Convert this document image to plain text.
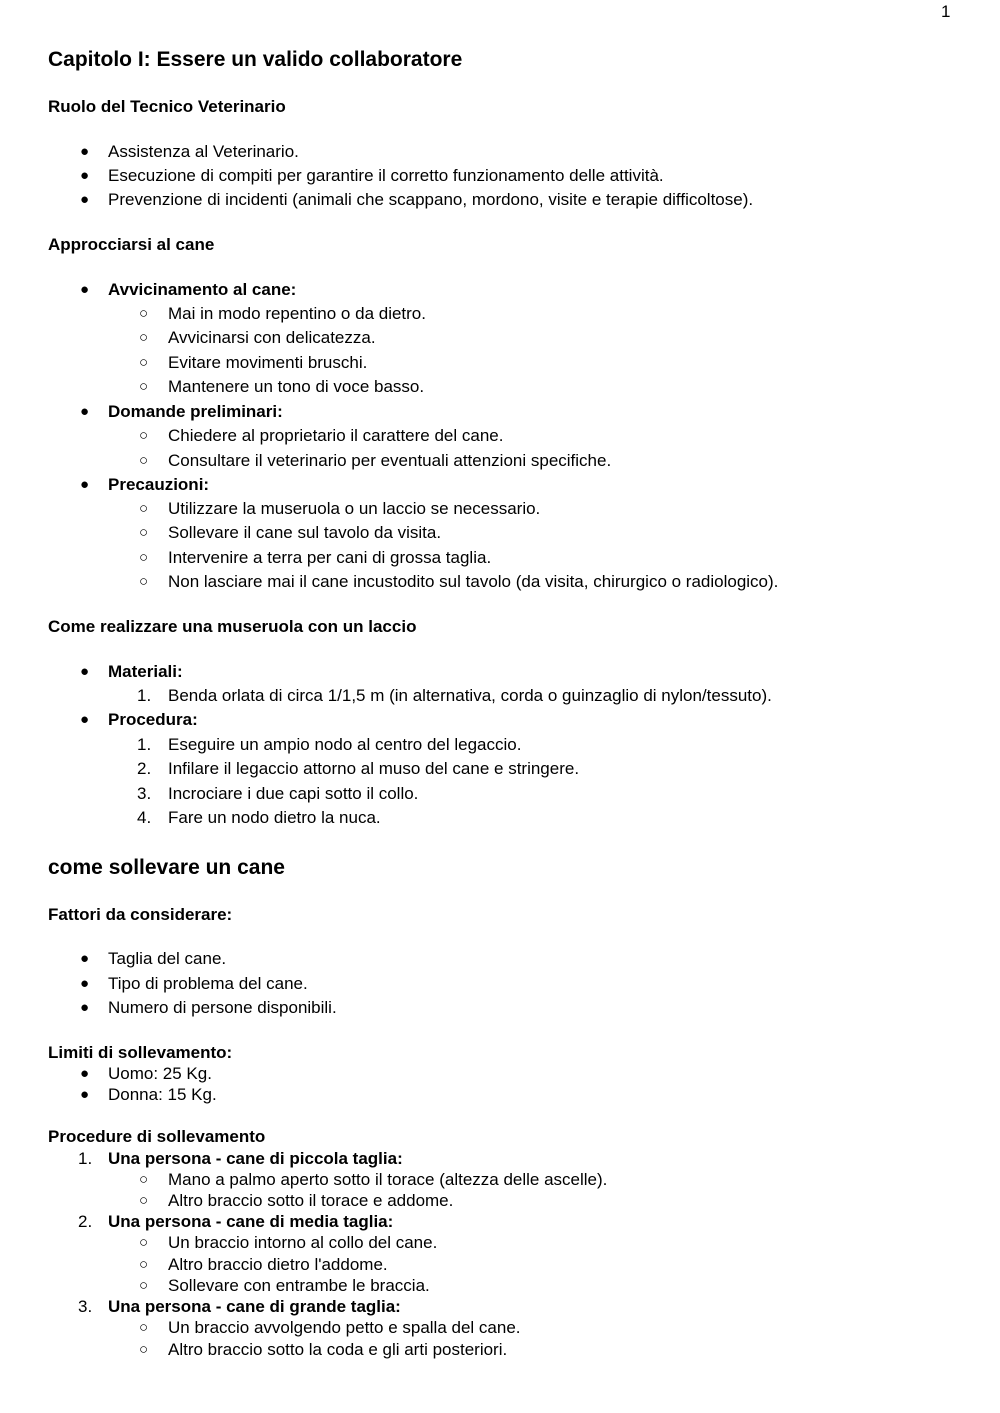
1
Capitolo I: Essere un valido collaboratore
Ruolo del Tecnico Veterinario
● Assistenza al Veterinario.
● Esecuzione di compiti per garantire il corretto funzionamento delle attività.
● Prevenzione di incidenti (animali che scappano, mordono, visite e terapie difficoltose).
Approcciarsi al cane
● Avvicinamento al cane:
○ Mai in modo repentino o da dietro.
○ Avvicinarsi con delicatezza.
○ Evitare movimenti bruschi.
○ Mantenere un tono di voce basso.
● Domande preliminari:
○ Chiedere al proprietario il carattere del cane.
○ Consultare il veterinario per eventuali attenzioni specifiche.
● Precauzioni:
○ Utilizzare la museruola o un laccio se necessario.
○ Sollevare il cane sul tavolo da visita.
○ Intervenire a terra per cani di grossa taglia.
○ Non lasciare mai il cane incustodito sul tavolo (da visita, chirurgico o radiologico).
Come realizzare una museruola con un laccio
● Materiali:
1. Benda orlata di circa 1/1,5 m (in alternativa, corda o guinzaglio di nylon/tessuto).
● Procedura:
1. Eseguire un ampio nodo al centro del legaccio.
2. Infilare il legaccio attorno al muso del cane e stringere.
3. Incrociare i due capi sotto il collo.
4. Fare un nodo dietro la nuca.
come sollevare un cane
Fattori da considerare:
● Taglia del cane.
● Tipo di problema del cane.
● Numero di persone disponibili.
Limiti di sollevamento:
● Uomo: 25 Kg.
● Donna: 15 Kg.
Procedure di sollevamento
1. Una persona - cane di piccola taglia:
○ Mano a palmo aperto sotto il torace (altezza delle ascelle).
○ Altro braccio sotto il torace e addome.
2. Una persona - cane di media taglia:
○ Un braccio intorno al collo del cane.
○ Altro braccio dietro l'addome.
○ Sollevare con entrambe le braccia.
3. Una persona - cane di grande taglia:
○ Un braccio avvolgendo petto e spalla del cane.
○ Altro braccio sotto la coda e gli arti posteriori.
